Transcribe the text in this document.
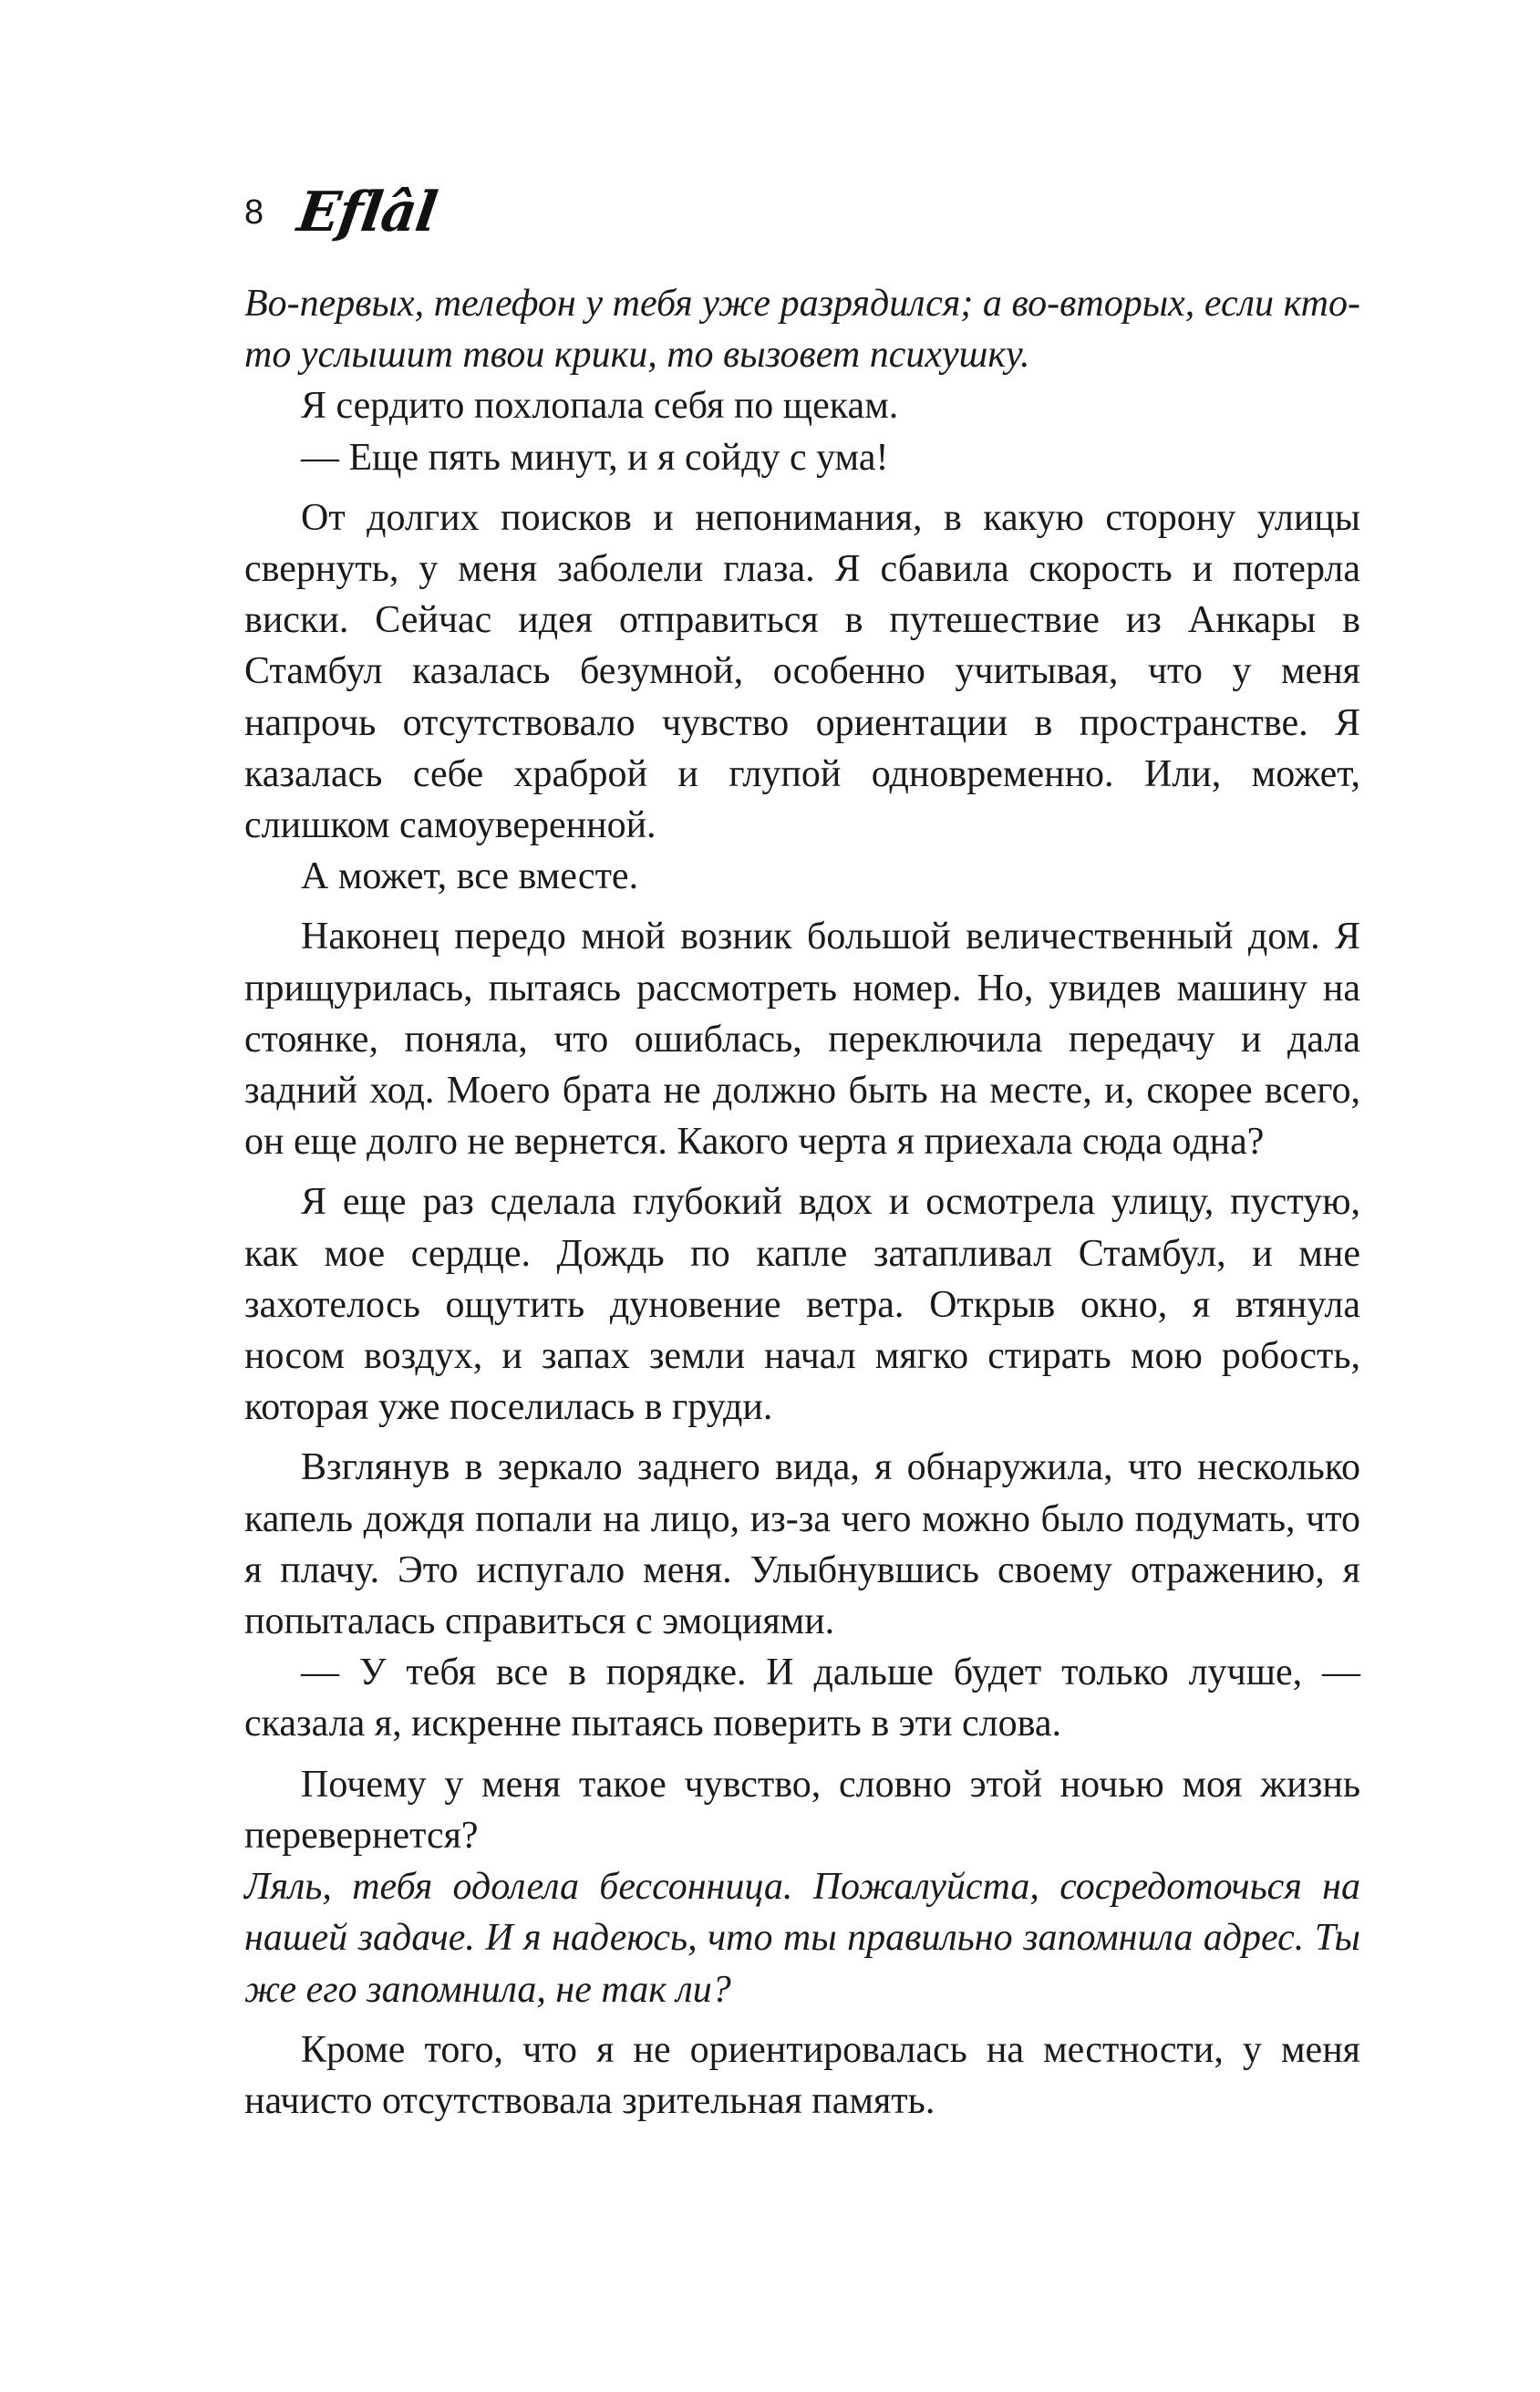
8 Eflâl

Во-первых, телефон у тебя уже разрядился; а во-вторых, если кто-то услышит твои крики, то вызовет психушку.

Я сердито похлопала себя по щекам.

— Еще пять минут, и я сойду с ума!

От долгих поисков и непонимания, в какую сторону улицы свернуть, у меня заболели глаза. Я сбавила скорость и потерла виски. Сейчас идея отправиться в путешествие из Анкары в Стамбул казалась безумной, особенно учитывая, что у меня напрочь отсутствовало чувство ориентации в пространстве. Я казалась себе храброй и глупой одновременно. Или, может, слишком самоуверенной.

А может, все вместе.

Наконец передо мной возник большой величественный дом. Я прищурилась, пытаясь рассмотреть номер. Но, увидев машину на стоянке, поняла, что ошиблась, переключила передачу и дала задний ход. Моего брата не должно быть на месте, и, скорее всего, он еще долго не вернется. Какого черта я приехала сюда одна?

Я еще раз сделала глубокий вдох и осмотрела улицу, пустую, как мое сердце. Дождь по капле затапливал Стамбул, и мне захотелось ощутить дуновение ветра. Открыв окно, я втянула носом воздух, и запах земли начал мягко стирать мою робость, которая уже поселилась в груди.

Взглянув в зеркало заднего вида, я обнаружила, что несколько капель дождя попали на лицо, из-за чего можно было подумать, что я плачу. Это испугало меня. Улыбнувшись своему отражению, я попыталась справиться с эмоциями.

— У тебя все в порядке. И дальше будет только лучше, — сказала я, искренне пытаясь поверить в эти слова.

Почему у меня такое чувство, словно этой ночью моя жизнь перевернется?

Ляль, тебя одолела бессонница. Пожалуйста, сосредоточься на нашей задаче. И я надеюсь, что ты правильно запомнила адрес. Ты же его запомнила, не так ли?

Кроме того, что я не ориентировалась на местности, у меня начисто отсутствовала зрительная память.
